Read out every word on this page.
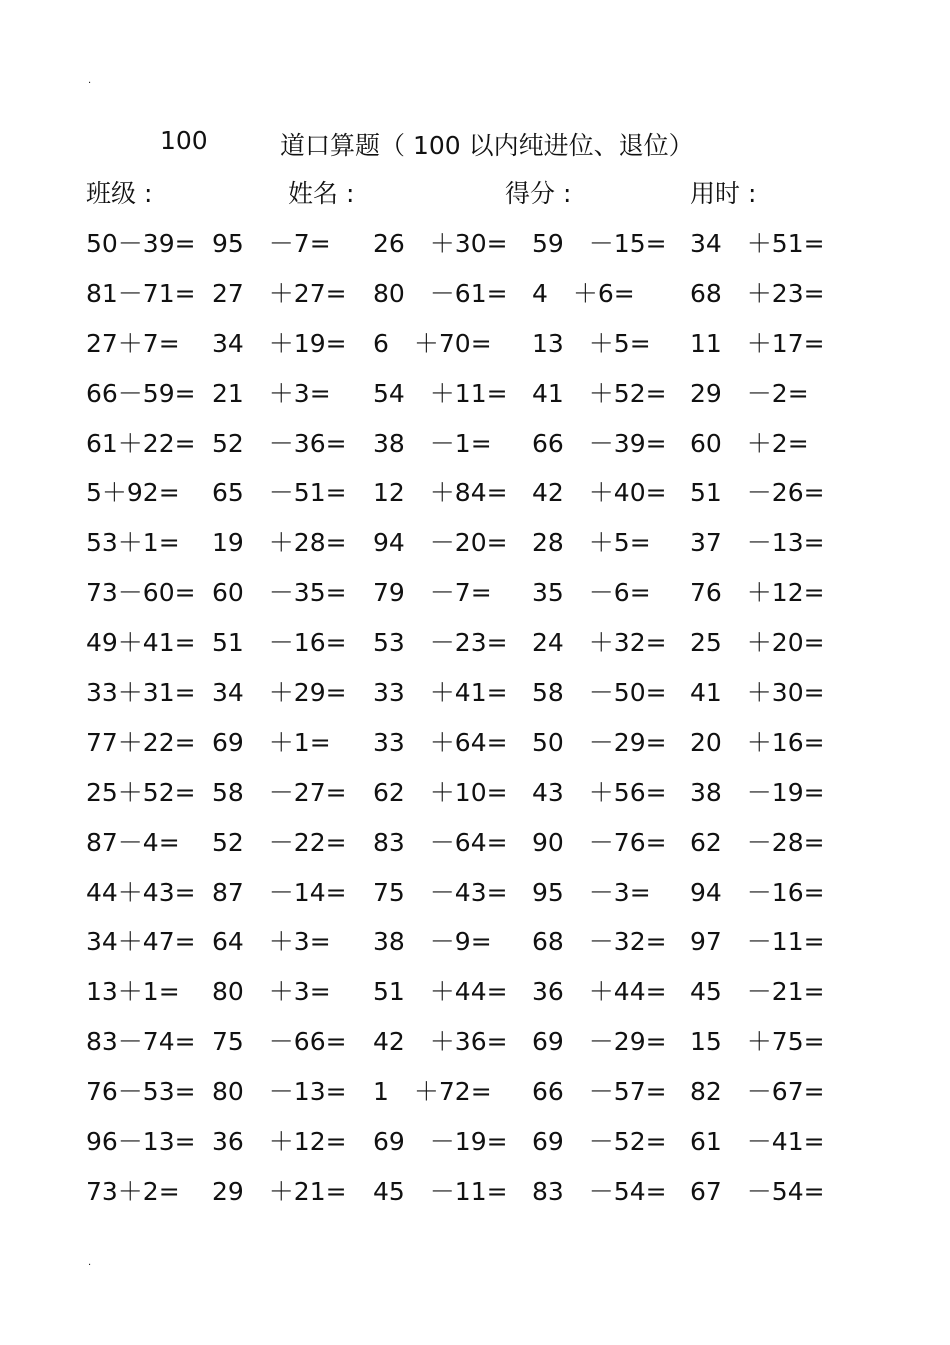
.
100	道口算题（ 100 以内纯进位、退位）
班级 :	姓名 :	得分 :	用时 :
50－39= 95　－7= 26　＋30= 59　－15= 34　＋51=
81－71= 27　＋27= 80　－61= 4　＋6= 68　＋23=
27＋7= 34　＋19= 6　＋70= 13　＋5= 11　＋17=
66－59= 21　＋3= 54　＋11= 41　＋52= 29　－2=
61＋22= 52　－36= 38　－1= 66　－39= 60　＋2=
5＋92= 65　－51= 12　＋84= 42　＋40= 51　－26=
53＋1= 19　＋28= 94　－20= 28　＋5= 37　－13=
73－60= 60　－35= 79　－7= 35　－6= 76　＋12=
49＋41= 51　－16= 53　－23= 24　＋32= 25　＋20=
33＋31= 34　＋29= 33　＋41= 58　－50= 41　＋30=
77＋22= 69　＋1= 33　＋64= 50　－29= 20　＋16=
25＋52= 58　－27= 62　＋10= 43　＋56= 38　－19=
87－4= 52　－22= 83　－64= 90　－76= 62　－28=
44＋43= 87　－14= 75　－43= 95　－3= 94　－16=
34＋47= 64　＋3= 38　－9= 68　－32= 97　－11=
13＋1= 80　＋3= 51　＋44= 36　＋44= 45　－21=
83－74= 75　－66= 42　＋36= 69　－29= 15　＋75=
76－53= 80　－13= 1　＋72= 66　－57= 82　－67=
96－13= 36　＋12= 69　－19= 69　－52= 61　－41=
73＋2= 29　＋21= 45　－11= 83　－54= 67　－54=
.
